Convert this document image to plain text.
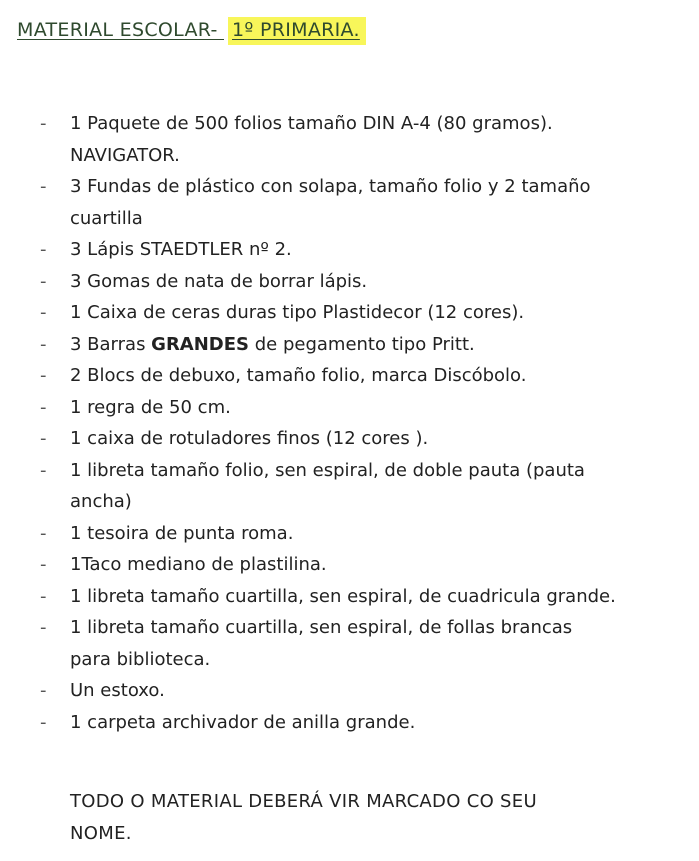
MATERIAL ESCOLAR- 1º PRIMARIA.
- 1 Paquete de 500 folios tamaño DIN A-4 (80 gramos).
NAVIGATOR.
- 3 Fundas de plástico con solapa, tamaño folio y 2 tamaño
cuartilla
- 3 Lápis STAEDTLER nº 2.
- 3 Gomas de nata de borrar lápis.
- 1 Caixa de ceras duras tipo Plastidecor (12 cores).
- 3 Barras GRANDES de pegamento tipo Pritt.
- 2 Blocs de debuxo, tamaño folio, marca Discóbolo.
- 1 regra de 50 cm.
- 1 caixa de rotuladores finos (12 cores ).
- 1 libreta tamaño folio, sen espiral, de doble pauta (pauta
ancha)
- 1 tesoira de punta roma.
- 1Taco mediano de plastilina.
- 1 libreta tamaño cuartilla, sen espiral, de cuadricula grande.
- 1 libreta tamaño cuartilla, sen espiral, de follas brancas
para biblioteca.
- Un estoxo.
- 1 carpeta archivador de anilla grande.
TODO O MATERIAL DEBERÁ VIR MARCADO CO SEU
NOME.
